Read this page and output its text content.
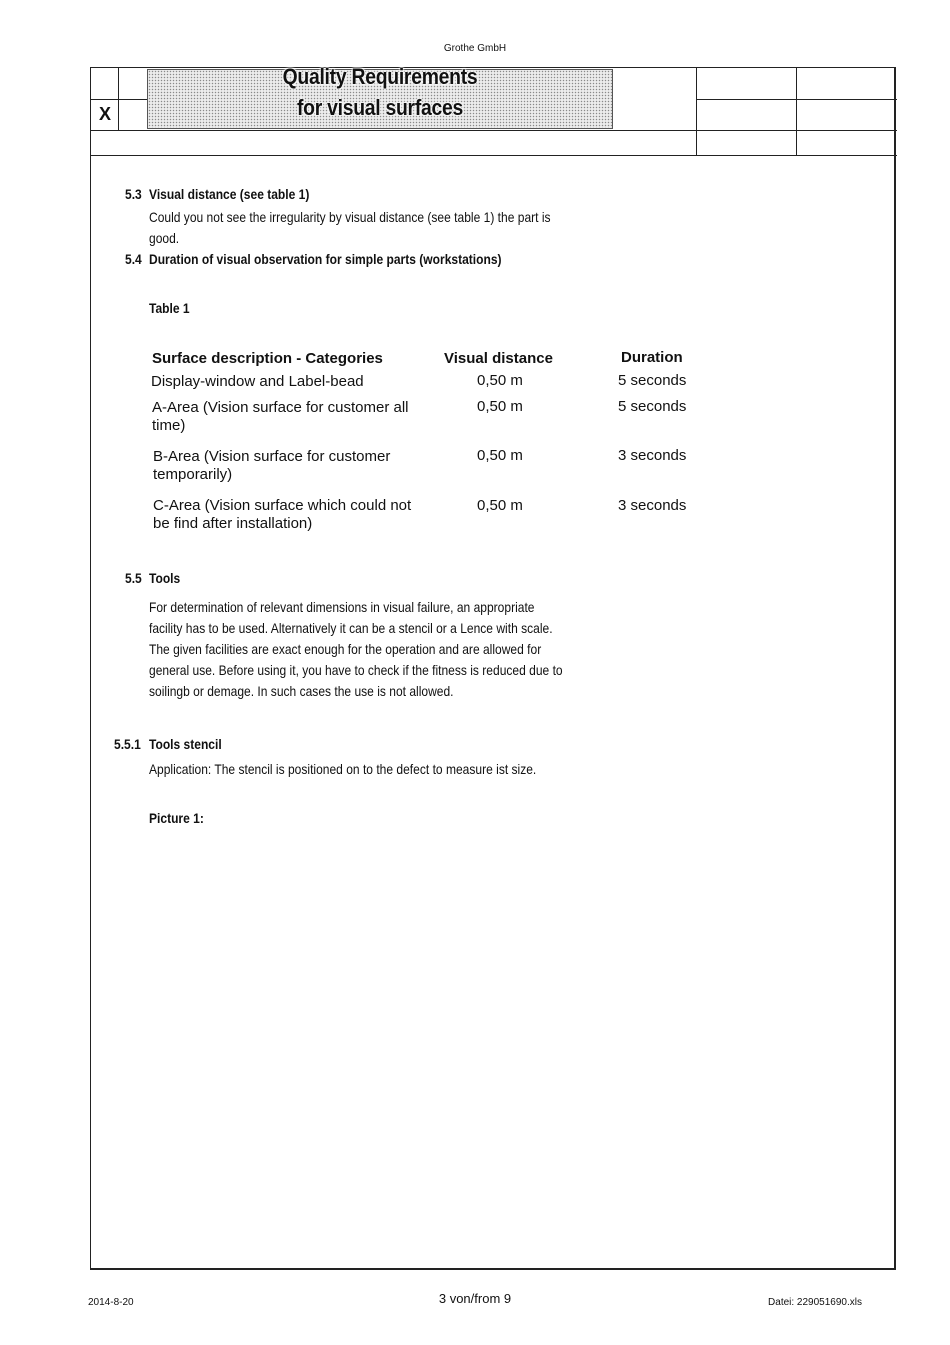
Grothe GmbH
Quality Requirements
for visual surfaces
X
5.3 Visual distance (see table 1)
Could you not see the irregularity by visual distance (see table 1) the part is
good.
5.4 Duration of visual observation for simple parts (workstations)
Table 1
Surface description - Categories	Visual distance	Duration
Display-window and Label-bead	0,50 m	5 seconds
A-Area (Vision surface for customer all
time)
0,50 m	5 seconds
B-Area (Vision surface for customer
temporarily)
0,50 m	3 seconds
C-Area (Vision surface which could not
be find after installation)
0,50 m	3 seconds
5.5 Tools
For determination of relevant dimensions in visual failure, an appropriate
facility has to be used. Alternatively it can be a stencil or a Lence with scale.
The given facilities are exact enough for the operation and are allowed for
general use. Before using it, you have to check if the fitness is reduced due to
soilingb or demage. In such cases the use is not allowed.
5.5.1 Tools stencil
Application: The stencil is positioned on to the defect to measure ist size.
Picture 1:
2014-8-20	3 von/from 9	Datei: 229051690.xls
